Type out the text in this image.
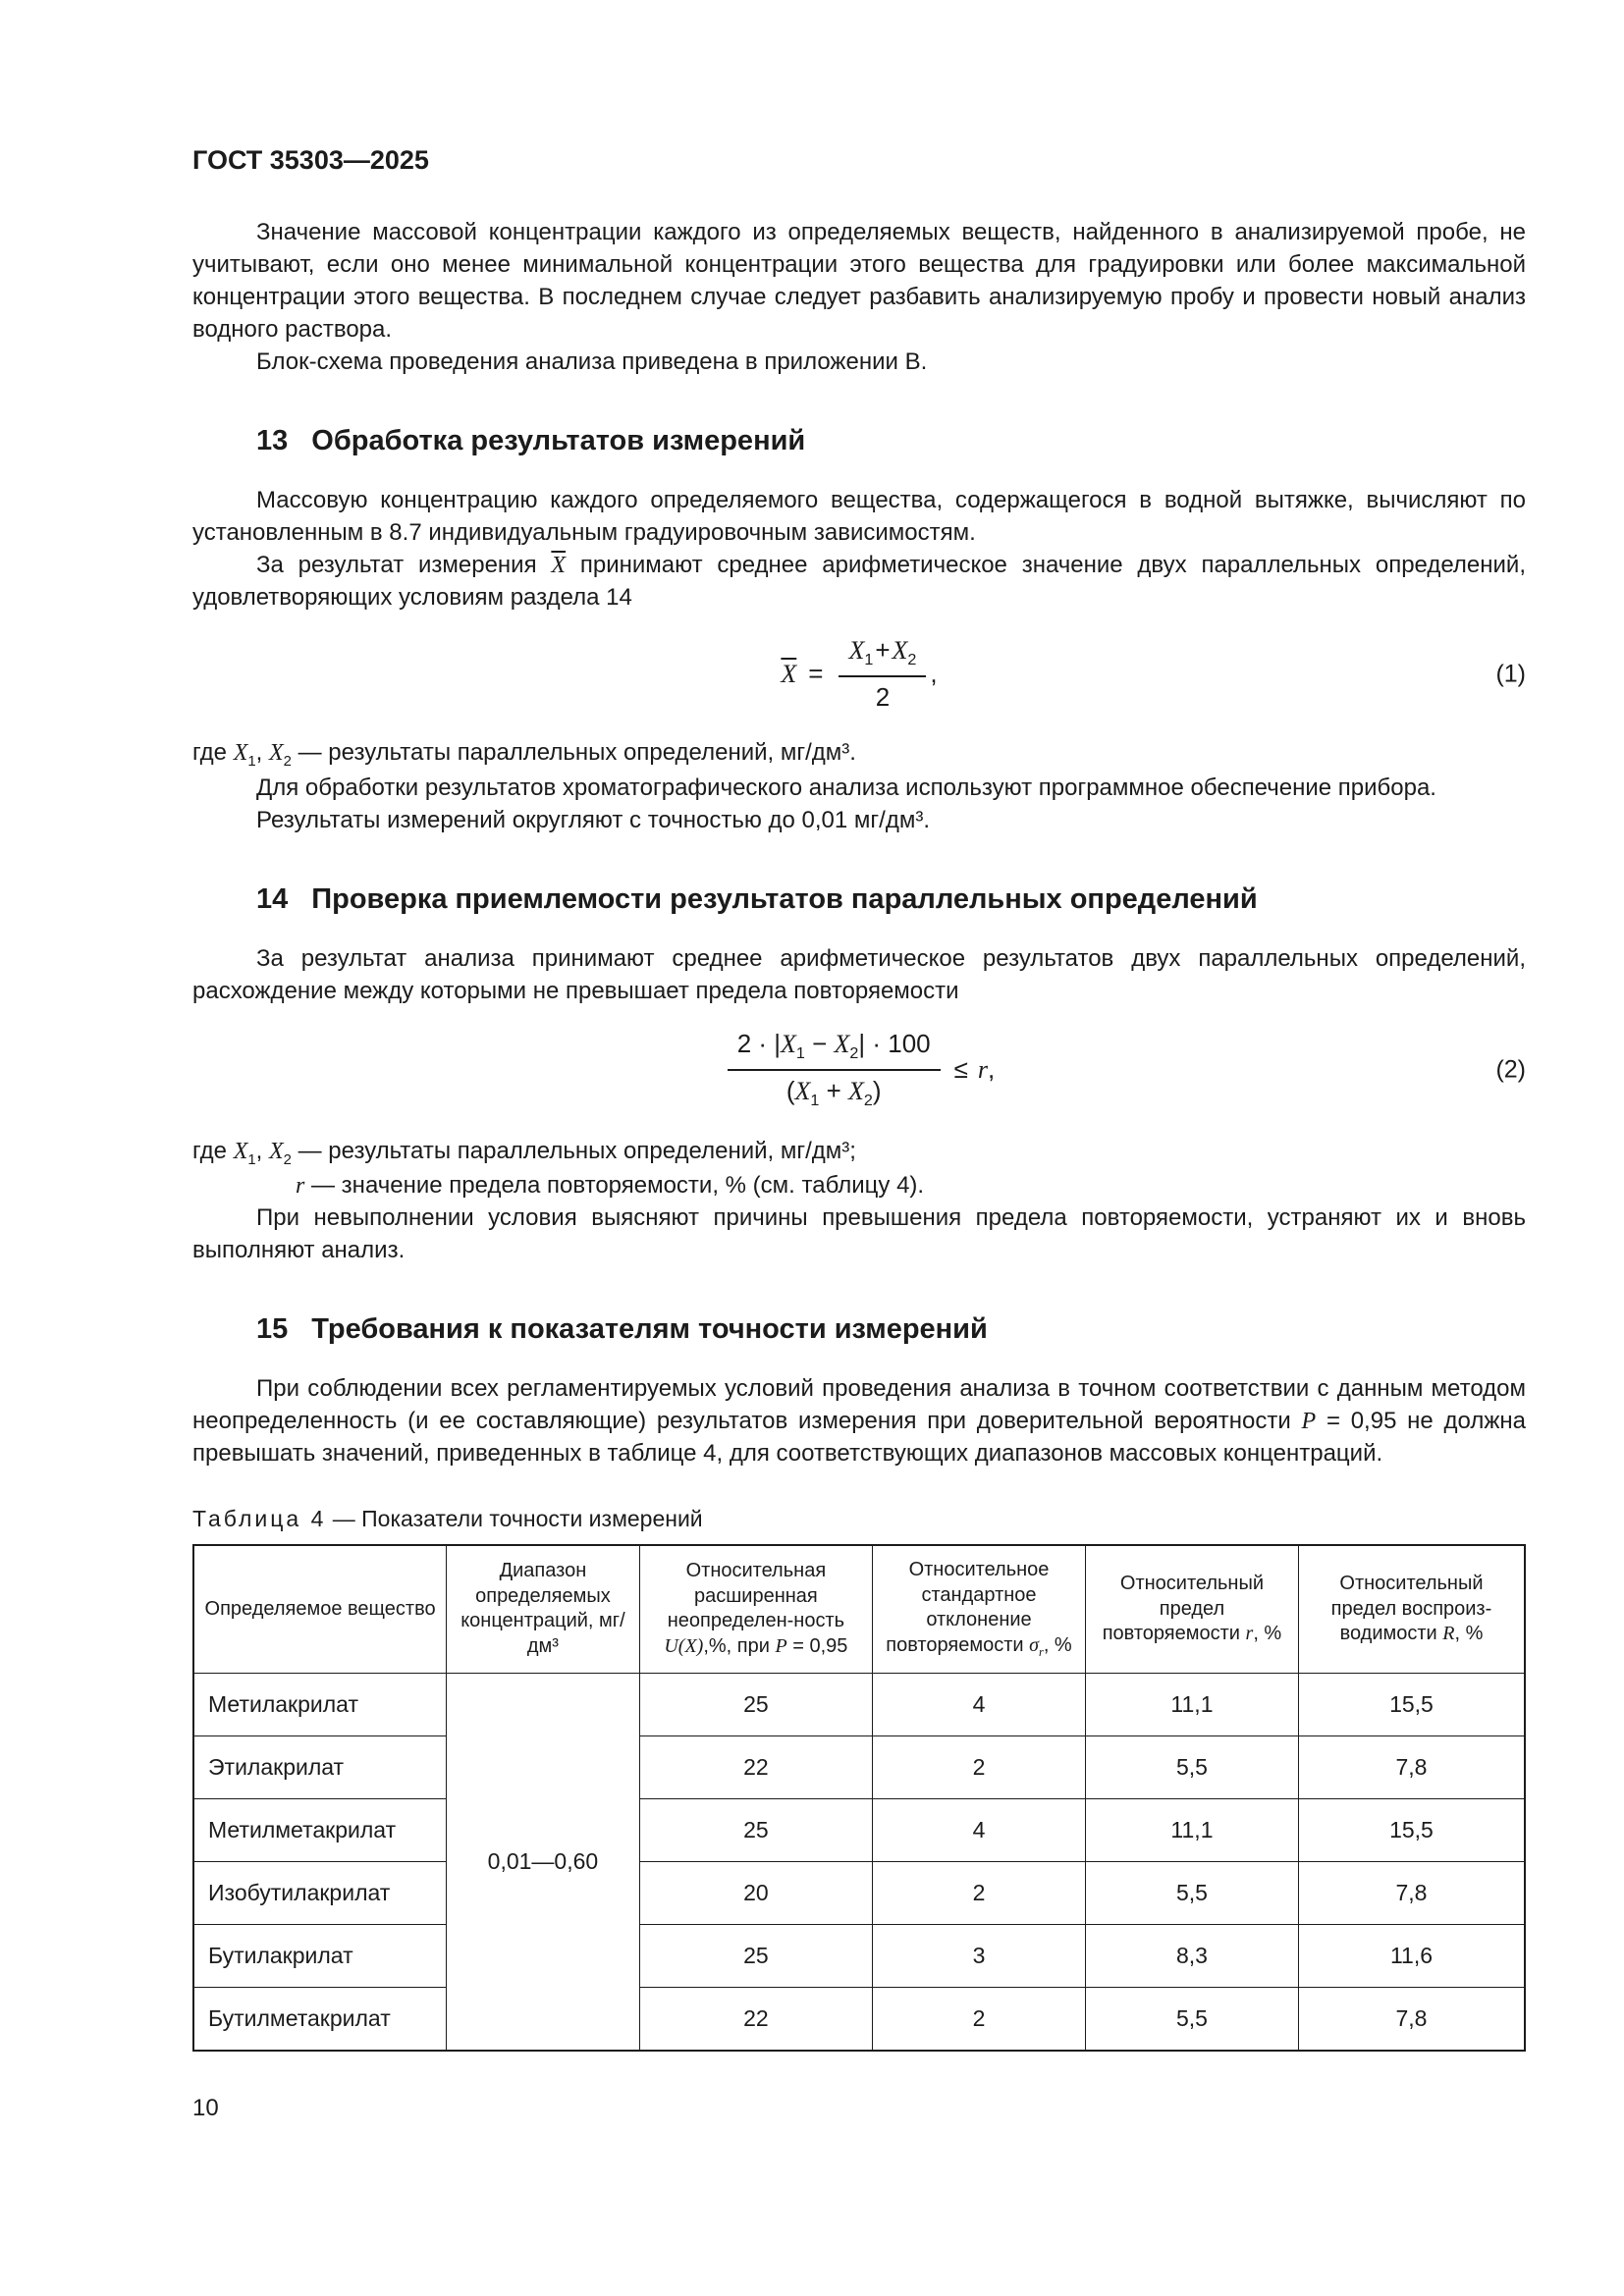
ГОСТ 35303—2025

Значение массовой концентрации каждого из определяемых веществ, найденного в анализируемой пробе, не учитывают, если оно менее минимальной концентрации этого вещества для градуировки или более максимальной концентрации этого вещества. В последнем случае следует разбавить анализируемую пробу и провести новый анализ водного раствора.

Блок-схема проведения анализа приведена в приложении В.

13 Обработка результатов измерений

Массовую концентрацию каждого определяемого вещества, содержащегося в водной вытяжке, вычисляют по установленным в 8.7 индивидуальным градуировочным зависимостям.

За результат измерения $\overline{X}$ принимают среднее арифметическое значение двух параллельных определений, удовлетворяющих условиям раздела 14

$\overline{X} = \frac{X_1+X_2}{2}$ ,	(1)

где $X_1$, $X_2$ — результаты параллельных определений, мг/дм³.

Для обработки результатов хроматографического анализа используют программное обеспечение прибора.

Результаты измерений округляют с точностью до 0,01 мг/дм³.

14 Проверка приемлемости результатов параллельных определений

За результат анализа принимают среднее арифметическое результатов двух параллельных определений, расхождение между которыми не превышает предела повторяемости

$\frac{2 \cdot |X_1 - X_2| \cdot 100}{(X_1 + X_2)} \le r$ ,	(2)

где $X_1$, $X_2$ — результаты параллельных определений, мг/дм³;

r — значение предела повторяемости, % (см. таблицу 4).

При невыполнении условия выясняют причины превышения предела повторяемости, устраняют их и вновь выполняют анализ.

15 Требования к показателям точности измерений

При соблюдении всех регламентируемых условий проведения анализа в точном соответствии с данным методом неопределенность (и ее составляющие) результатов измерения при доверительной вероятности P = 0,95 не должна превышать значений, приведенных в таблице 4, для соответствующих диапазонов массовых концентраций.

Таблица 4 — Показатели точности измерений

Определяемое вещество	Диапазон определяемых концентраций, мг/дм³	Относительная расширенная неопределен-ность U(X),%, при P = 0,95	Относительное стандартное отклонение повторяемости $\sigma_r$, %	Относительный предел повторяемости r, %	Относительный предел воспроиз-водимости R, %
Метилакрилат	0,01—0,60	25	4	11,1	15,5
Этилакрилат		22	2	5,5	7,8
Метилметакрилат		25	4	11,1	15,5
Изобутилакрилат		20	2	5,5	7,8
Бутилакрилат		25	3	8,3	11,6
Бутилметакрилат		22	2	5,5	7,8
10
